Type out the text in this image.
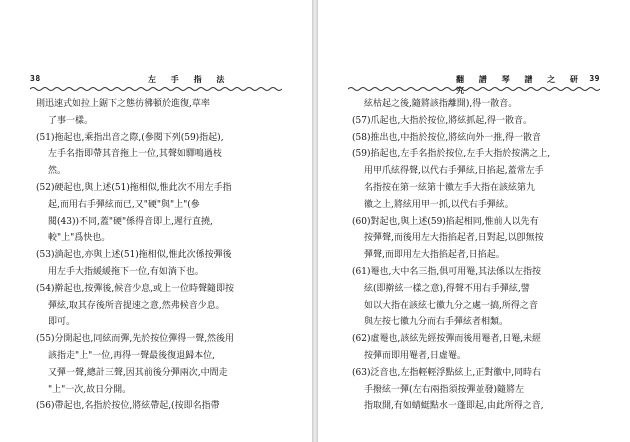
38	左 手 指 法
則迅速式如拉上鋸下之態彷彿頓於進復,草率
了事一樣。
(51)拖起也,乘指出音之際,(參閱下列(59)指起),
左手名指即帶其音拖上一位,其聲如驛鳴過枝
然。
(52)硬起也,與上述(51)拖相似,惟此次不用左手指
起,而用右手彈絃而已,又"硬"與"上"(參
閱(43))不同,蓋"硬"係得音即上,遲行直撓,
較"上"爲快也。
(53)淌起也,亦與上述(51)拖相似,惟此次係按彈後
用左手大指緩緩拖下一位,有如淌下也。
(54)擀起也,按彈後,候音少息,或上一位時聲隨即按
彈絃,取其存後所音提速之意,然弗候音少息。
即可。
(55)分開起也,同絃而彈,先於按位彈得一聲,然後用
該指走"上"一位,再得一聲最後復退歸本位,
又彈一聲,總計三聲,因其前後分彈兩次,中間走
"上"一次,故日分開。
(56)帶起也,名指於按位,將絃帶起,(按即名指帶
翻 譜 琴 譜 之 研 究
39
絃枯起之後,隨將該指離開),得一散音。
(57)爪起也,大指於按位,將絃抓起,得一散音。
(58)推出也,中指於按位,將絃向外一推,得一散音
(59)掐起也,左手名指於按位,左手大指於按满之上,
用甲爪絃得聲,以代右手彈絃,日掐起,蓋常左手
名指按在第一絃第十徽左手大指在該絃第九
徽之上,將絃用甲一抓,以代右手彈絃。
(60)對起也,與上述(59)掐起相同,惟前人以先有
按彈聲,而後用左大指掐起者,日對起,以卽無按
彈聲,而即用左大指掐起者,日掐起。
(61)罨也,大中名三指,俱可用罨,其法係以左指按
絃(即擀絃一樣之意),得聲不用右手彈絃,譬
如以大指在該絃七徽九分之處一搞,所得之音
與左按七徽九分而右手彈絃者相類。
(62)虛罨也,該絃先經按彈而後用罨者,日罨,未經
按彈而即用罨者,日虛罨。
(63)泛音也,左指輕輕浮點絃上,正對徽中,同時右
手撥絃一彈(左右兩指須按彈並發)隨將左
指取開,有如蜻蜓點水一蓬即起,由此所得之音,
